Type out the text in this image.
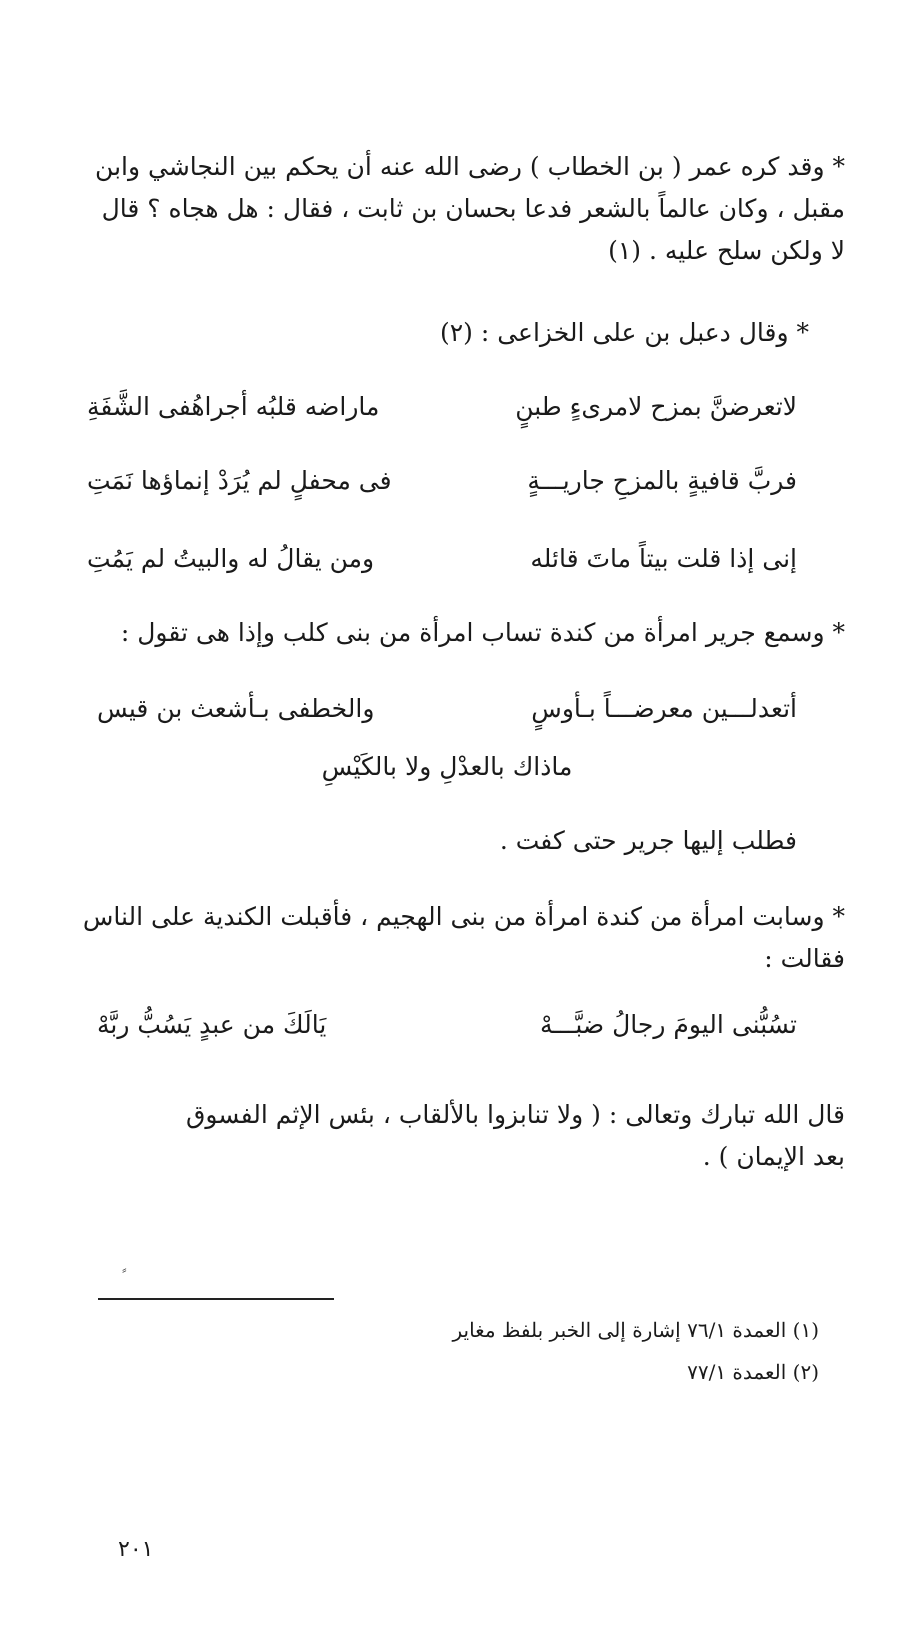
* وقد كره عمر ( بن الخطاب ) رضى الله عنه أن يحكم بين النجاشي وابن
مقبل ، وكان عالماً بالشعر فدعا بحسان بن ثابت ، فقال : هل هجاه ؟ قال
لا ولكن سلح عليه . (١)
* وقال دعبل بن على الخزاعى : (٢)
لاتعرضنَّ بمزح لامرىءٍ طبنٍ
ماراضه قلبُه أجراهُفى الشَّفَةِ
فربَّ قافيةٍ بالمزحِ جاريـــةٍ
فى محفلٍ لم يُرَدْ إنماؤها نَمَتِ
إنى إذا قلت بيتاً ماتَ قائله
ومن يقالُ له والبيتُ لم يَمُتِ
* وسمع جرير امرأة من كندة تساب امرأة من بنى كلب وإذا هى تقول :
أتعدلـــين معرضـــاً بـأوسٍ
والخطفى بـأشعث بن قيس
ماذاك بالعدْلِ ولا بالكَيْسِ
فطلب إليها جرير حتى كفت .
* وسابت امرأة من كندة امرأة من بنى الهجيم ، فأقبلت الكندية على الناس
فقالت :
تسُبُّنى اليومَ رجالُ ضبَّـــهْ
يَالَكَ من عبدٍ يَسُبُّ ربَّهْ
قال الله تبارك وتعالى : ( ولا تنابزوا بالألقاب ، بئس الإثم الفسوق
بعد الإيمان ) .
⸗
(١) العمدة ٧٦/١ إشارة إلى الخبر بلفظ مغاير
(٢) العمدة ٧٧/١
٢٠١
